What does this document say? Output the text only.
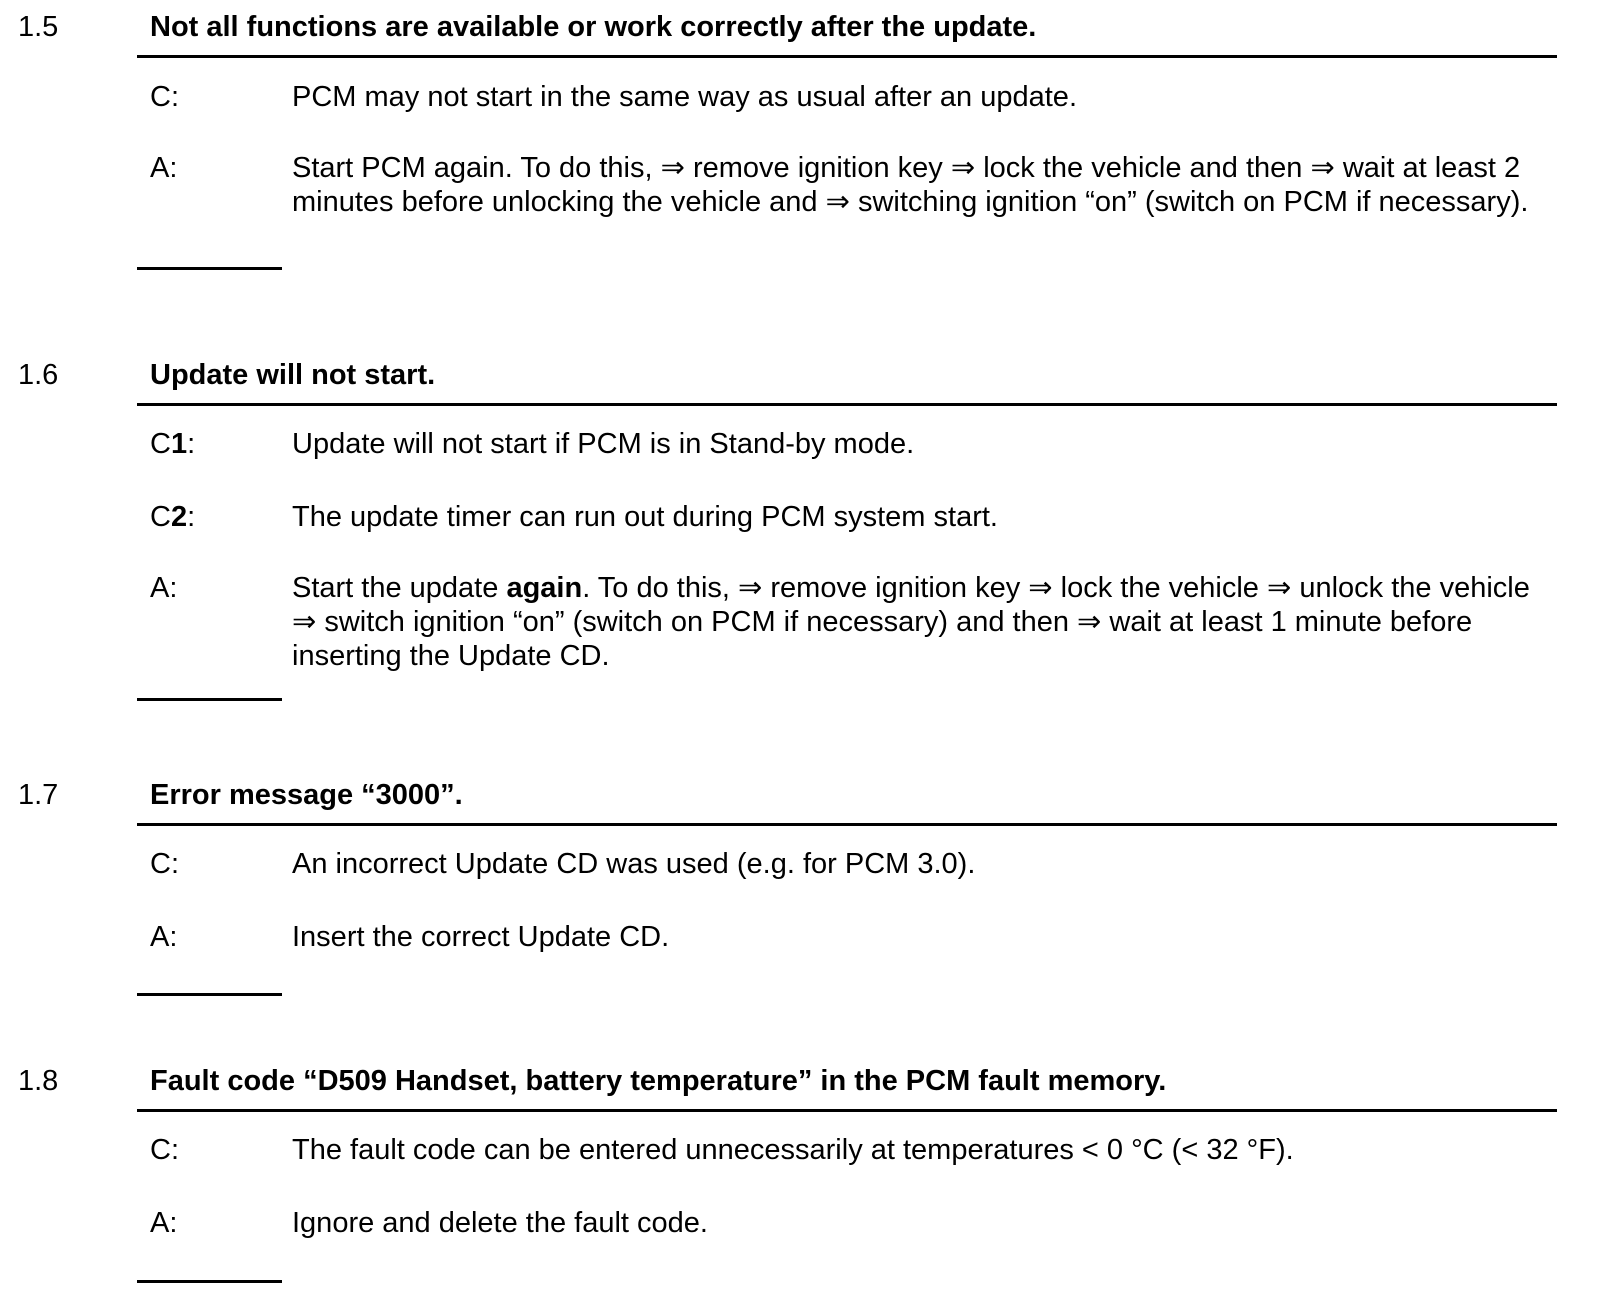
1.5	Not all functions are available or work correctly after the update.
C:	PCM may not start in the same way as usual after an update.
A:	Start PCM again. To do this, ⇒ remove ignition key ⇒ lock the vehicle and then ⇒ wait at least 2 minutes before unlocking the vehicle and ⇒ switching ignition “on” (switch on PCM if necessary).
1.6	Update will not start.
C1:	Update will not start if PCM is in Stand-by mode.
C2:	The update timer can run out during PCM system start.
A:	Start the update again. To do this, ⇒ remove ignition key ⇒ lock the vehicle ⇒ unlock the vehicle ⇒ switch ignition “on” (switch on PCM if necessary) and then ⇒ wait at least 1 minute before inserting the Update CD.
1.7	Error message “3000”.
C:	An incorrect Update CD was used (e.g. for PCM 3.0).
A:	Insert the correct Update CD.
1.8	Fault code “D509 Handset, battery temperature” in the PCM fault memory.
C:	The fault code can be entered unnecessarily at temperatures < 0 °C (< 32 °F).
A:	Ignore and delete the fault code.
